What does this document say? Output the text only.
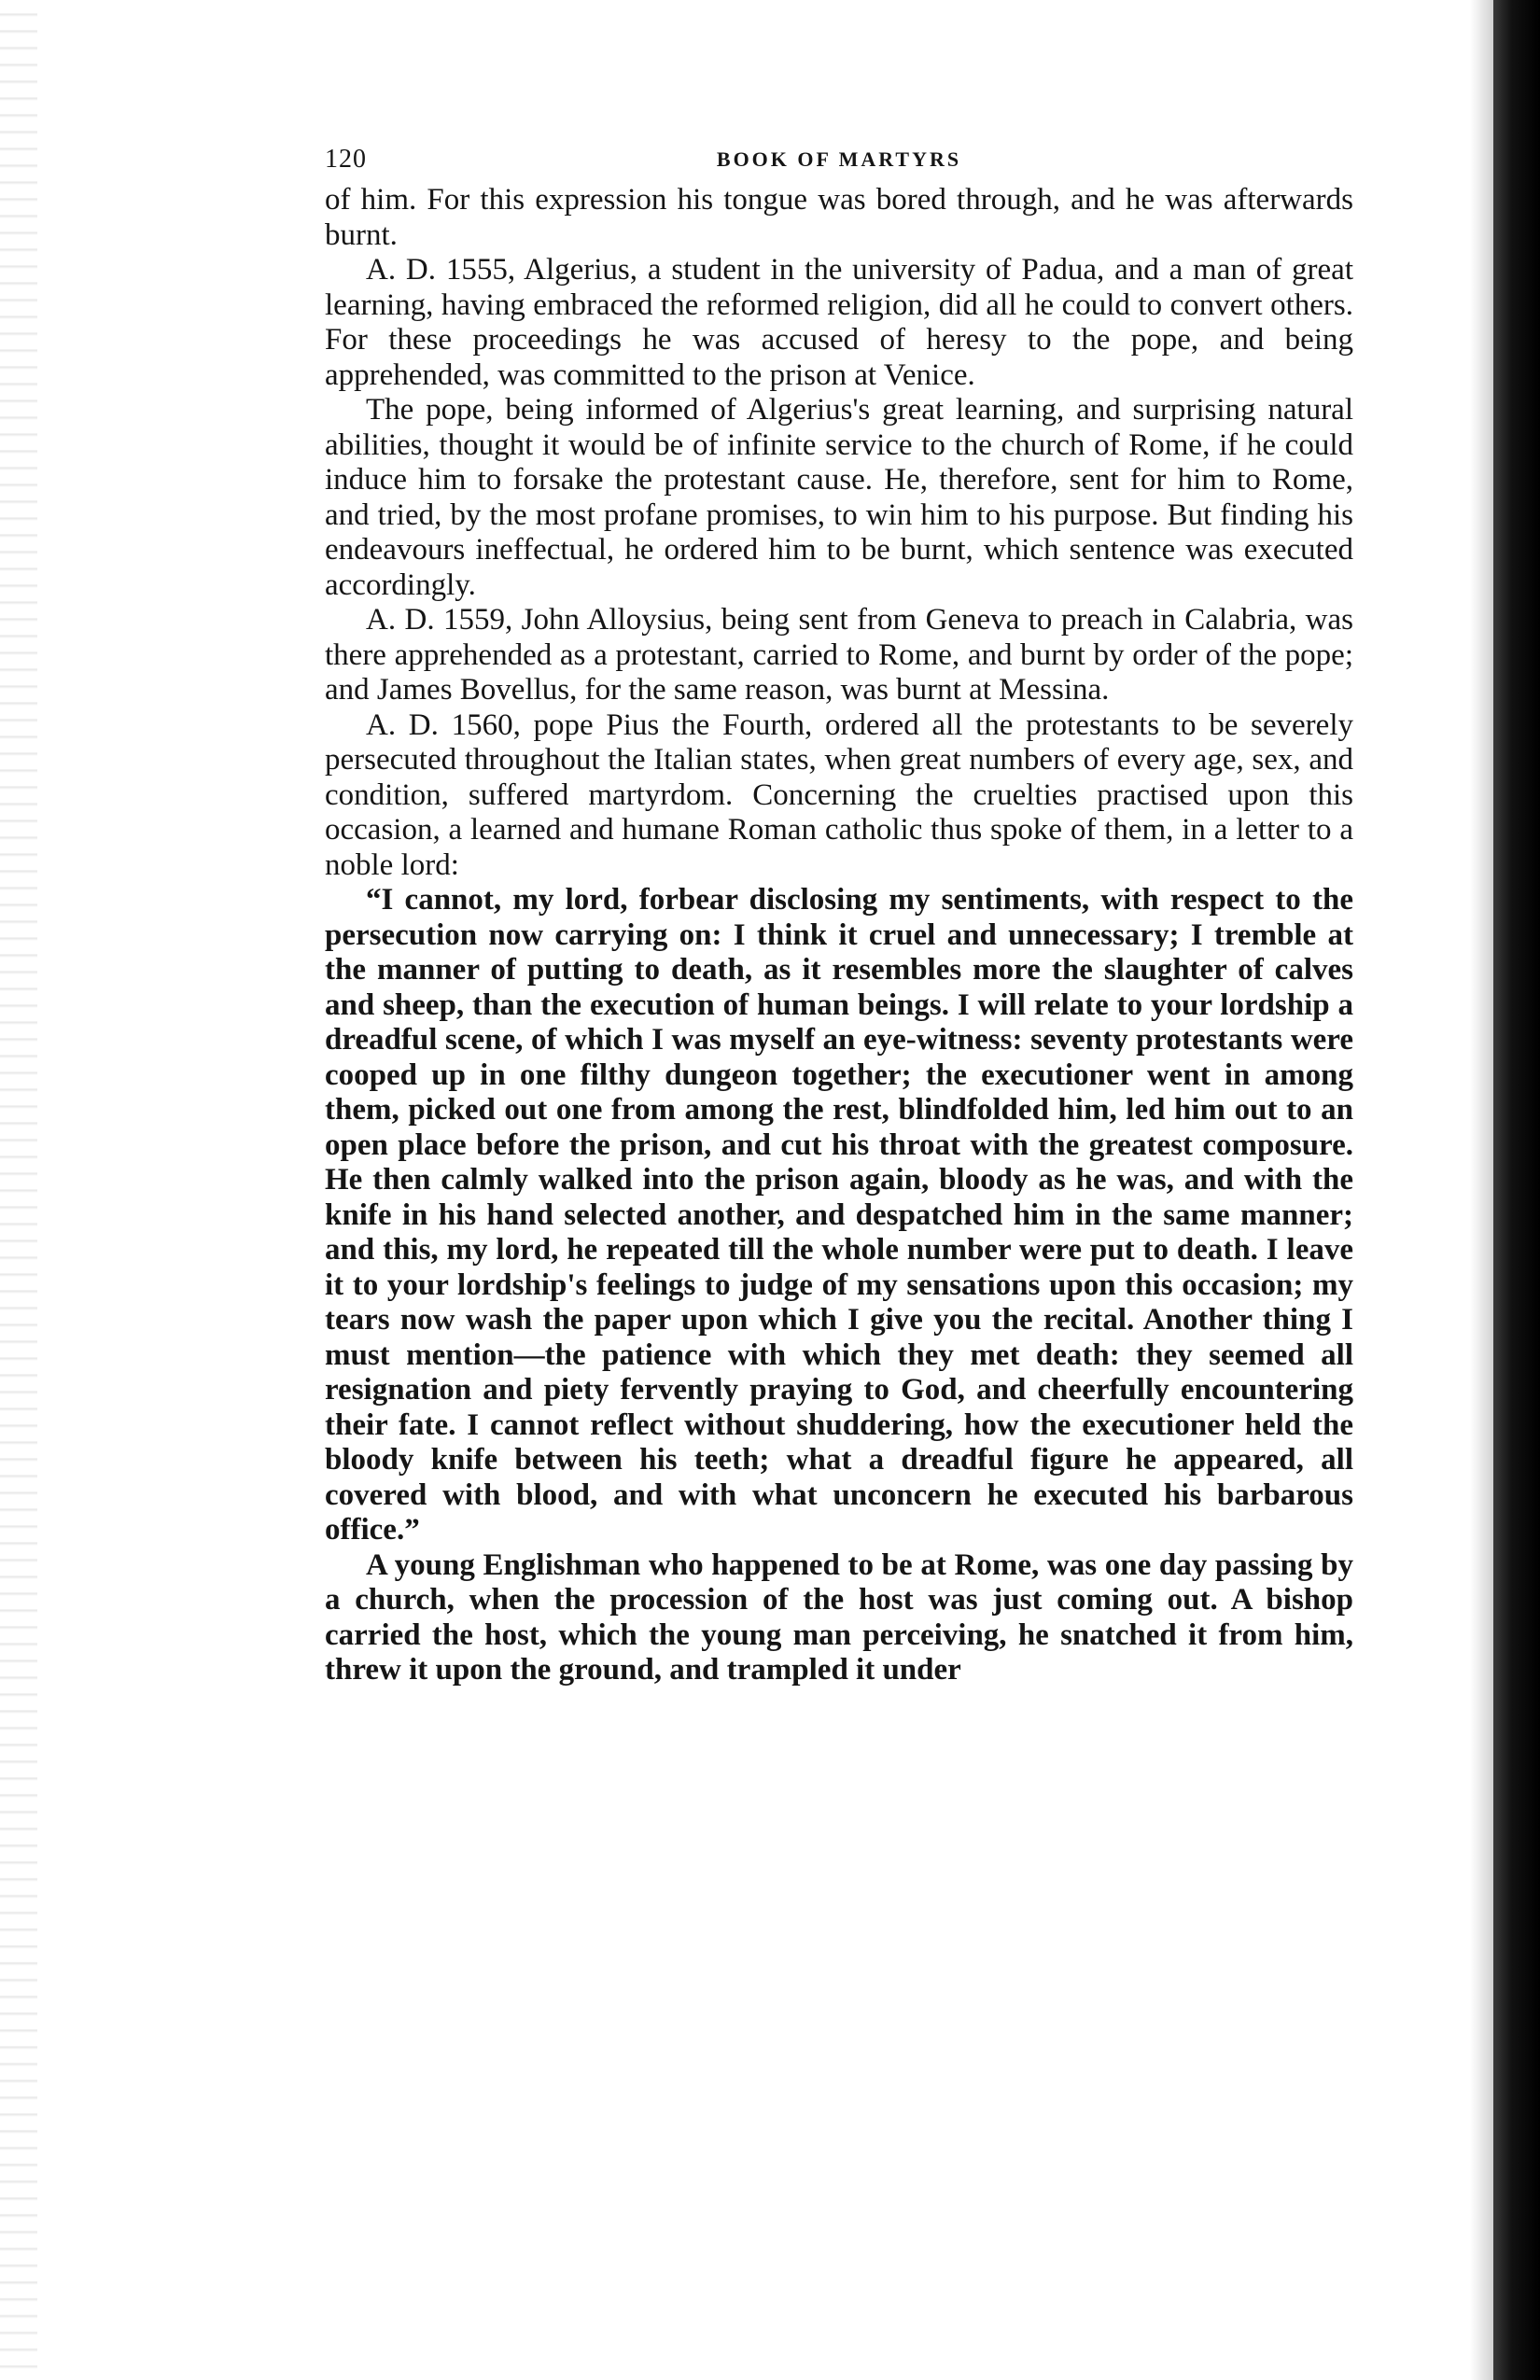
120	BOOK OF MARTYRS

of him. For this expression his tongue was bored through, and he was afterwards burnt.

A. D. 1555, Algerius, a student in the university of Padua, and a man of great learning, having embraced the reformed religion, did all he could to convert others. For these proceedings he was accused of heresy to the pope, and being apprehended, was committed to the prison at Venice.

The pope, being informed of Algerius's great learning, and surprising natural abilities, thought it would be of infinite service to the church of Rome, if he could induce him to forsake the protestant cause. He, therefore, sent for him to Rome, and tried, by the most profane promises, to win him to his purpose. But finding his endeavours ineffectual, he ordered him to be burnt, which sentence was executed accordingly.

A. D. 1559, John Alloysius, being sent from Geneva to preach in Calabria, was there apprehended as a protestant, carried to Rome, and burnt by order of the pope; and James Bovellus, for the same reason, was burnt at Messina.

A. D. 1560, pope Pius the Fourth, ordered all the protestants to be severely persecuted throughout the Italian states, when great numbers of every age, sex, and condition, suffered martyrdom. Concerning the cruelties practised upon this occasion, a learned and humane Roman catholic thus spoke of them, in a letter to a noble lord:

“I cannot, my lord, forbear disclosing my sentiments, with respect to the persecution now carrying on: I think it cruel and unnecessary; I tremble at the manner of putting to death, as it resembles more the slaughter of calves and sheep, than the execution of human beings. I will relate to your lordship a dreadful scene, of which I was myself an eye-witness: seventy protestants were cooped up in one filthy dungeon together; the executioner went in among them, picked out one from among the rest, blindfolded him, led him out to an open place before the prison, and cut his throat with the greatest composure. He then calmly walked into the prison again, bloody as he was, and with the knife in his hand selected another, and despatched him in the same manner; and this, my lord, he repeated till the whole number were put to death. I leave it to your lordship's feelings to judge of my sensations upon this occasion; my tears now wash the paper upon which I give you the recital. Another thing I must mention—the patience with which they met death: they seemed all resignation and piety fervently praying to God, and cheerfully encountering their fate. I cannot reflect without shuddering, how the executioner held the bloody knife between his teeth; what a dreadful figure he appeared, all covered with blood, and with what unconcern he executed his barbarous office.”

A young Englishman who happened to be at Rome, was one day passing by a church, when the procession of the host was just coming out. A bishop carried the host, which the young man perceiving, he snatched it from him, threw it upon the ground, and trampled it under
